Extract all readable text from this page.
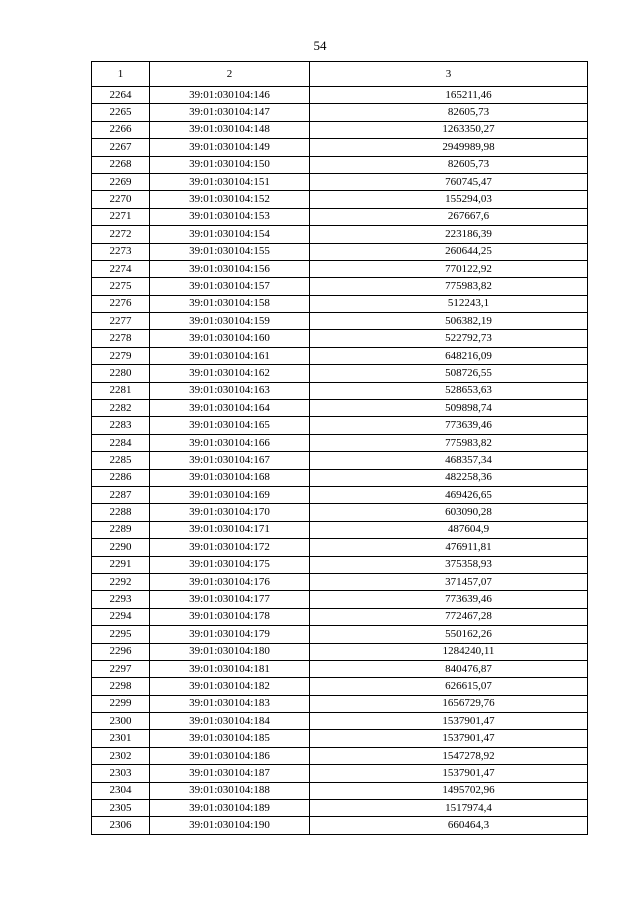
54
1	2	3
2264	39:01:030104:146	165211,46
2265	39:01:030104:147	82605,73
2266	39:01:030104:148	1263350,27
2267	39:01:030104:149	2949989,98
2268	39:01:030104:150	82605,73
2269	39:01:030104:151	760745,47
2270	39:01:030104:152	155294,03
2271	39:01:030104:153	267667,6
2272	39:01:030104:154	223186,39
2273	39:01:030104:155	260644,25
2274	39:01:030104:156	770122,92
2275	39:01:030104:157	775983,82
2276	39:01:030104:158	512243,1
2277	39:01:030104:159	506382,19
2278	39:01:030104:160	522792,73
2279	39:01:030104:161	648216,09
2280	39:01:030104:162	508726,55
2281	39:01:030104:163	528653,63
2282	39:01:030104:164	509898,74
2283	39:01:030104:165	773639,46
2284	39:01:030104:166	775983,82
2285	39:01:030104:167	468357,34
2286	39:01:030104:168	482258,36
2287	39:01:030104:169	469426,65
2288	39:01:030104:170	603090,28
2289	39:01:030104:171	487604,9
2290	39:01:030104:172	476911,81
2291	39:01:030104:175	375358,93
2292	39:01:030104:176	371457,07
2293	39:01:030104:177	773639,46
2294	39:01:030104:178	772467,28
2295	39:01:030104:179	550162,26
2296	39:01:030104:180	1284240,11
2297	39:01:030104:181	840476,87
2298	39:01:030104:182	626615,07
2299	39:01:030104:183	1656729,76
2300	39:01:030104:184	1537901,47
2301	39:01:030104:185	1537901,47
2302	39:01:030104:186	1547278,92
2303	39:01:030104:187	1537901,47
2304	39:01:030104:188	1495702,96
2305	39:01:030104:189	1517974,4
2306	39:01:030104:190	660464,3
